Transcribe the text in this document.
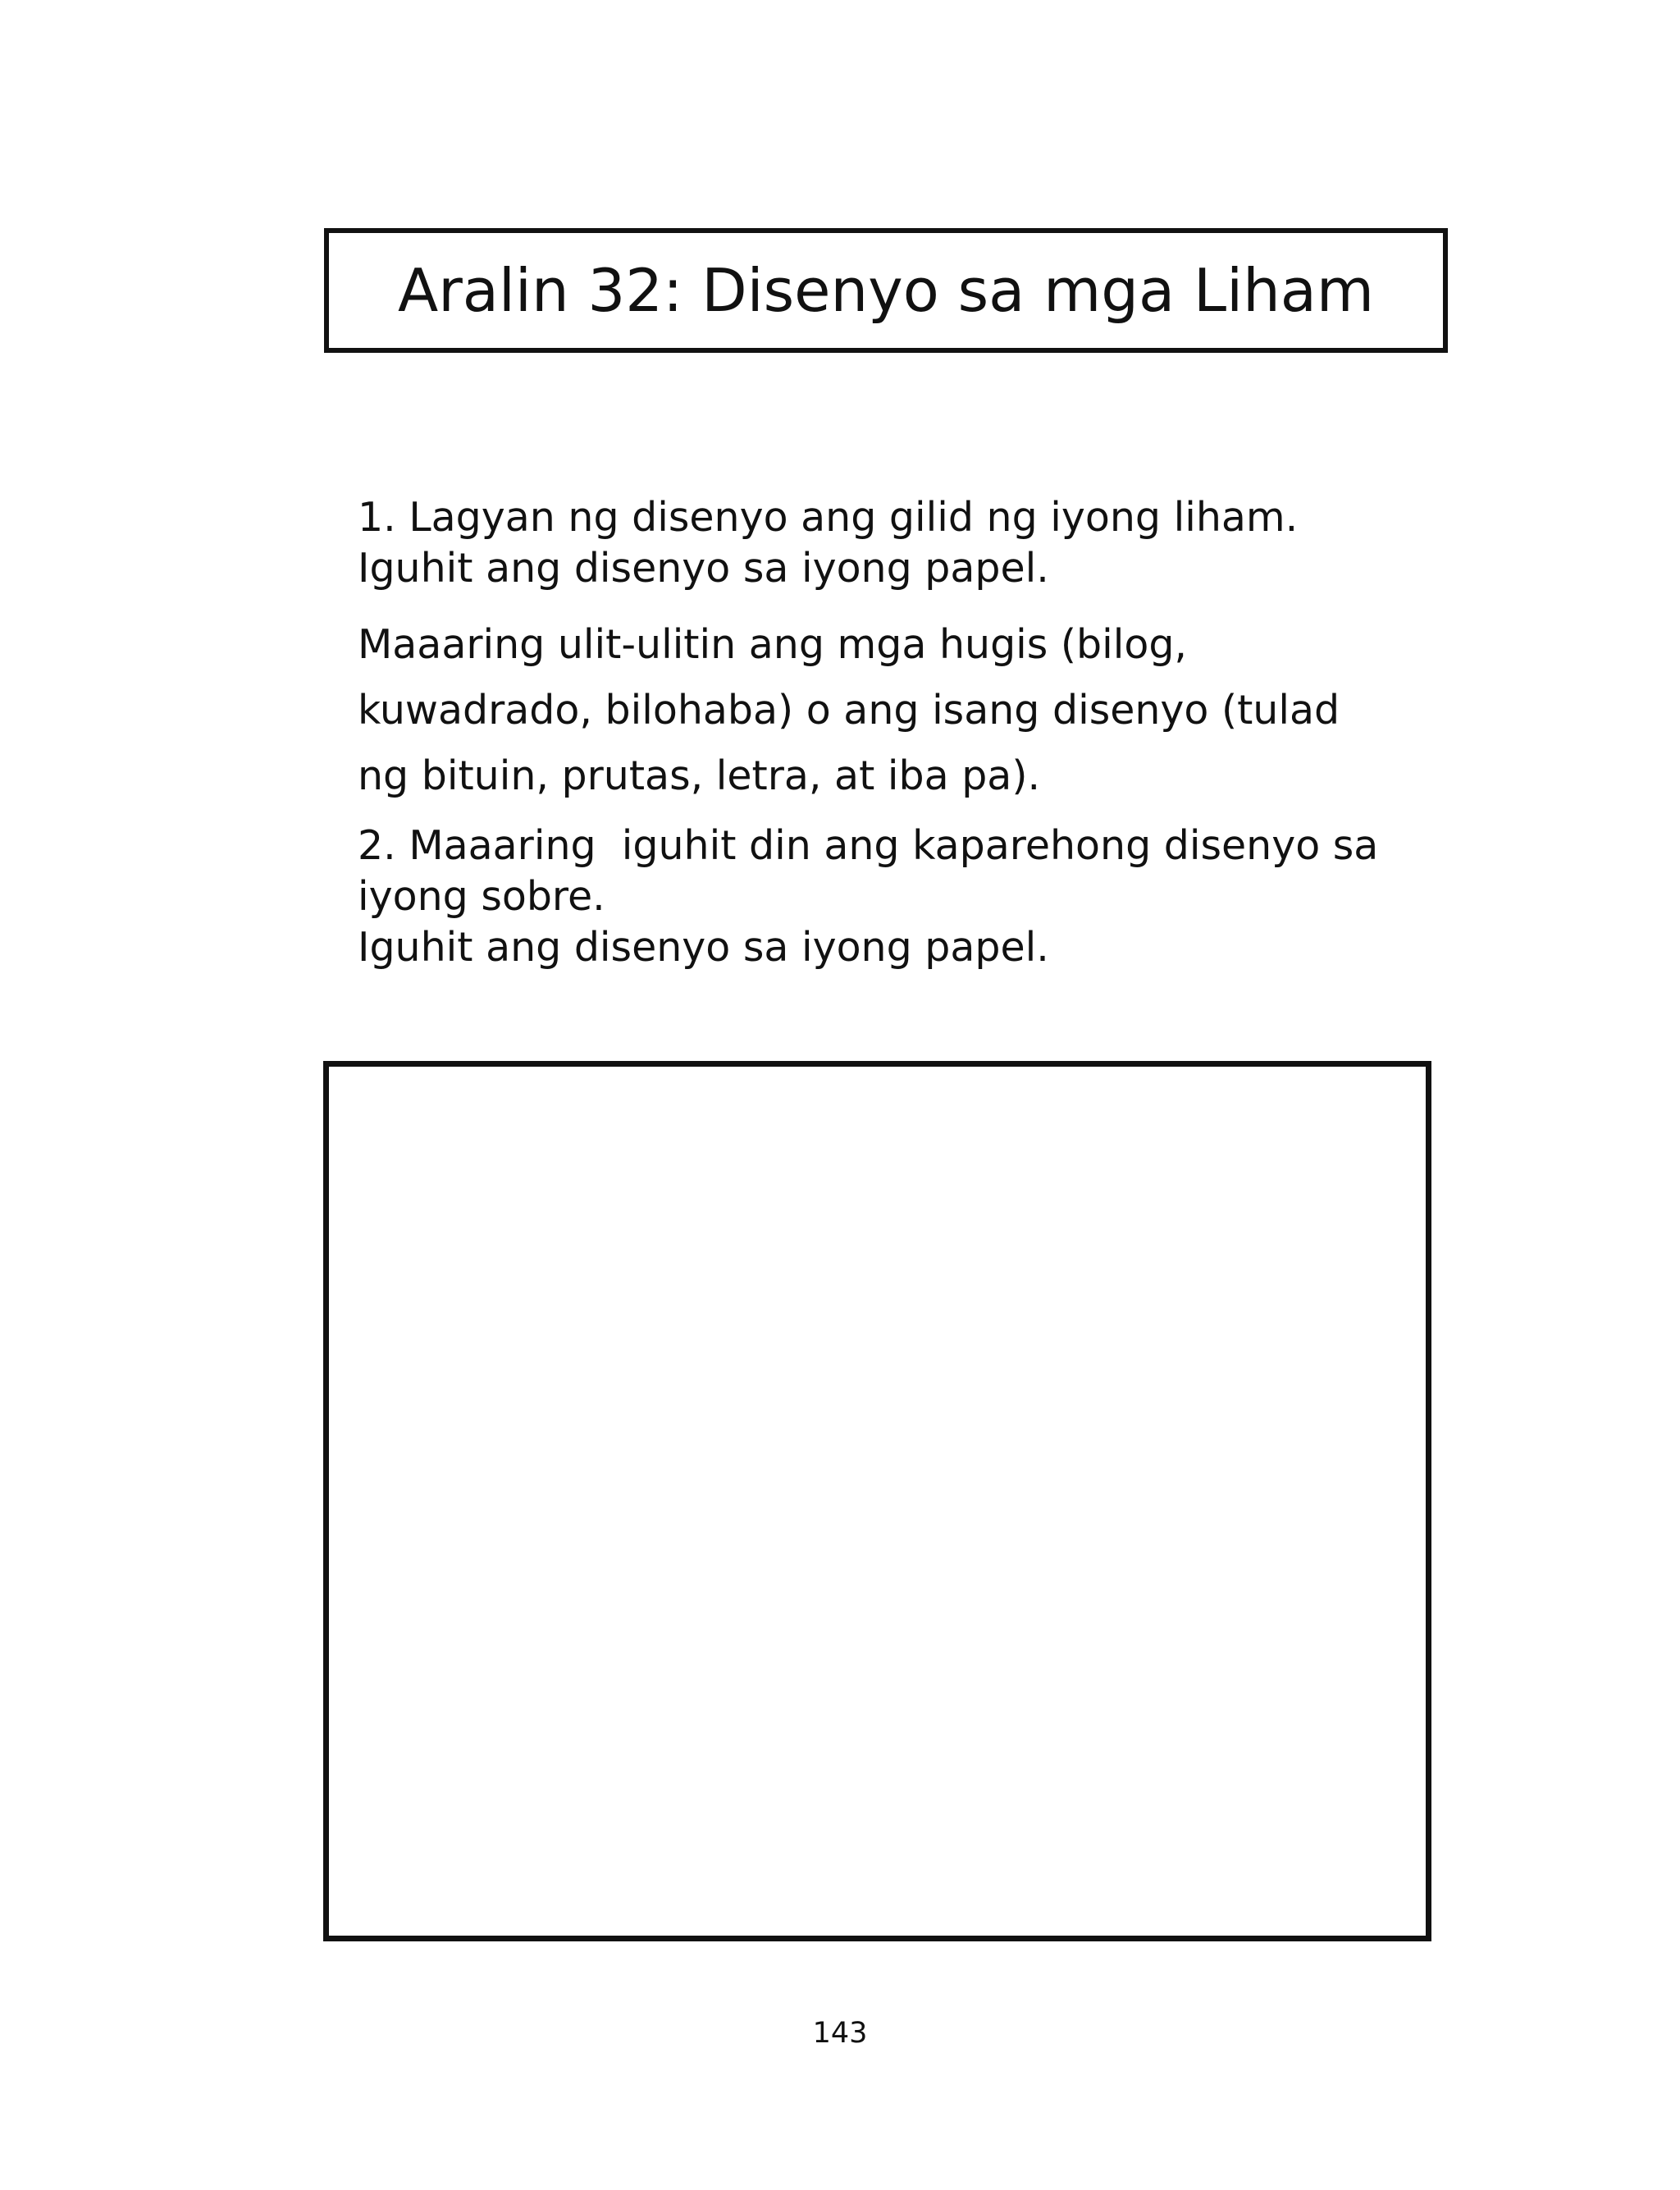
Aralin 32: Disenyo sa mga Liham
1. Lagyan ng disenyo ang gilid ng iyong liham.
Iguhit ang disenyo sa iyong papel.
Maaaring ulit-ulitin ang mga hugis (bilog,
kuwadrado, bilohaba) o ang isang disenyo (tulad
ng bituin, prutas, letra, at iba pa).
2. Maaaring  iguhit din ang kaparehong disenyo sa
iyong sobre.
Iguhit ang disenyo sa iyong papel.
143
